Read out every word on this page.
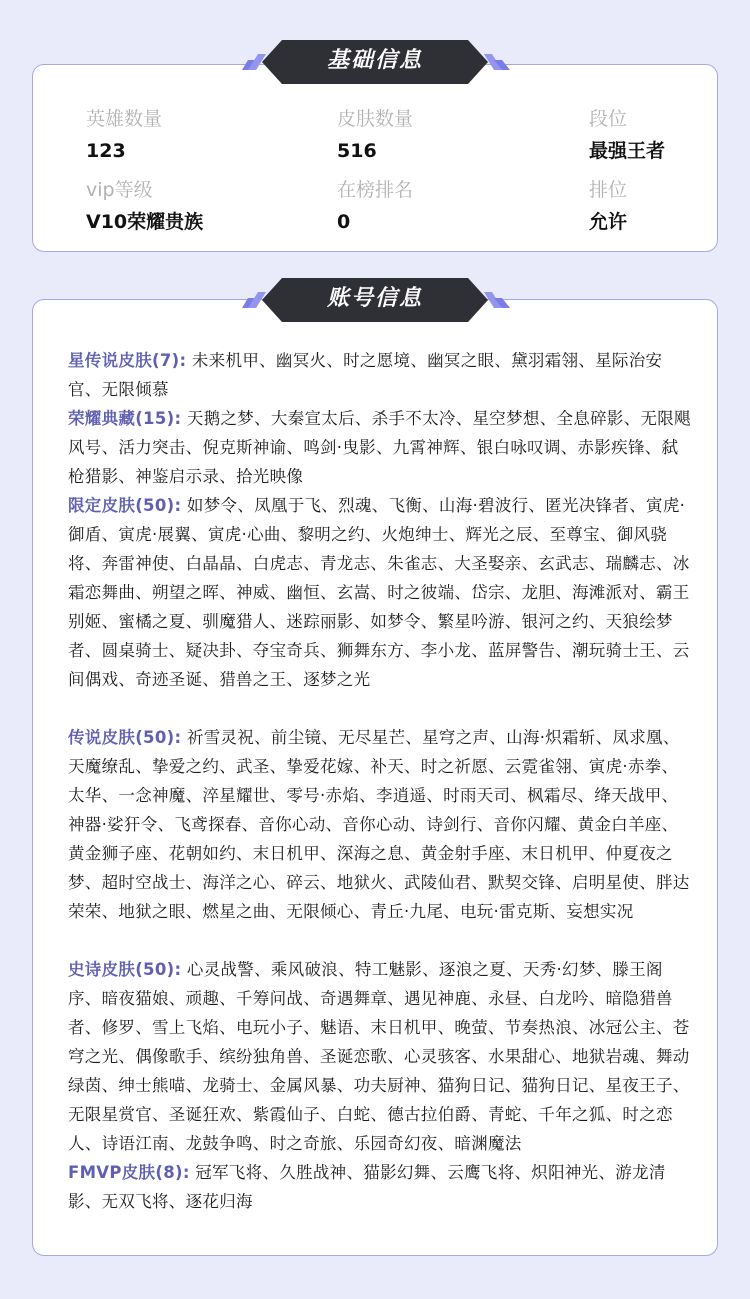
基础信息
英雄数量
123
皮肤数量
516
段位
最强王者
vip等级
V10荣耀贵族
在榜排名
0
排位
允许
账号信息

星传说皮肤(7): 未来机甲、幽冥火、时之愿境、幽冥之眼、黛羽霜翎、星际治安官、无限倾慕

荣耀典藏(15): 天鹅之梦、大秦宣太后、杀手不太冷、星空梦想、全息碎影、无限飓风号、活力突击、倪克斯神谕、鸣剑·曳影、九霄神辉、银白咏叹调、赤影疾锋、弑枪猎影、神鉴启示录、拾光映像

限定皮肤(50): 如梦令、凤凰于飞、烈魂、飞衡、山海·碧波行、匿光决锋者、寅虎·御盾、寅虎·展翼、寅虎·心曲、黎明之约、火炮绅士、辉光之辰、至尊宝、御风骁将、奔雷神使、白晶晶、白虎志、青龙志、朱雀志、大圣娶亲、玄武志、瑞麟志、冰霜恋舞曲、朔望之晖、神威、幽恒、玄嵩、时之彼端、岱宗、龙胆、海滩派对、霸王别姬、蜜橘之夏、驯魔猎人、迷踪丽影、如梦令、繁星吟游、银河之约、天狼绘梦者、圆桌骑士、疑决卦、夺宝奇兵、狮舞东方、李小龙、蓝屏警告、潮玩骑士王、云间偶戏、奇迹圣诞、猎兽之王、逐梦之光

传说皮肤(50): 祈雪灵祝、前尘镜、无尽星芒、星穹之声、山海·炽霜斩、凤求凰、天魔缭乱、挚爱之约、武圣、挚爱花嫁、补天、时之祈愿、云霓雀翎、寅虎·赤拳、太华、一念神魔、淬星耀世、零号·赤焰、李逍遥、时雨天司、枫霜尽、绛天战甲、神器·娑犴令、飞鸢探春、音你心动、音你心动、诗剑行、音你闪耀、黄金白羊座、黄金狮子座、花朝如约、末日机甲、深海之息、黄金射手座、末日机甲、仲夏夜之梦、超时空战士、海洋之心、碎云、地狱火、武陵仙君、默契交锋、启明星使、胖达荣荣、地狱之眼、燃星之曲、无限倾心、青丘·九尾、电玩·雷克斯、妄想实况

史诗皮肤(50): 心灵战警、乘风破浪、特工魅影、逐浪之夏、天秀·幻梦、滕王阁序、暗夜猫娘、顽趣、千筹问战、奇遇舞章、遇见神鹿、永昼、白龙吟、暗隐猎兽者、修罗、雪上飞焰、电玩小子、魅语、末日机甲、晚萤、节奏热浪、冰冠公主、苍穹之光、偶像歌手、缤纷独角兽、圣诞恋歌、心灵骇客、水果甜心、地狱岩魂、舞动绿茵、绅士熊喵、龙骑士、金属风暴、功夫厨神、猫狗日记、猫狗日记、星夜王子、无限星赏官、圣诞狂欢、紫霞仙子、白蛇、德古拉伯爵、青蛇、千年之狐、时之恋人、诗语江南、龙鼓争鸣、时之奇旅、乐园奇幻夜、暗渊魔法

FMVP皮肤(8): 冠军飞将、久胜战神、猫影幻舞、云鹰飞将、炽阳神光、游龙清影、无双飞将、逐花归海
